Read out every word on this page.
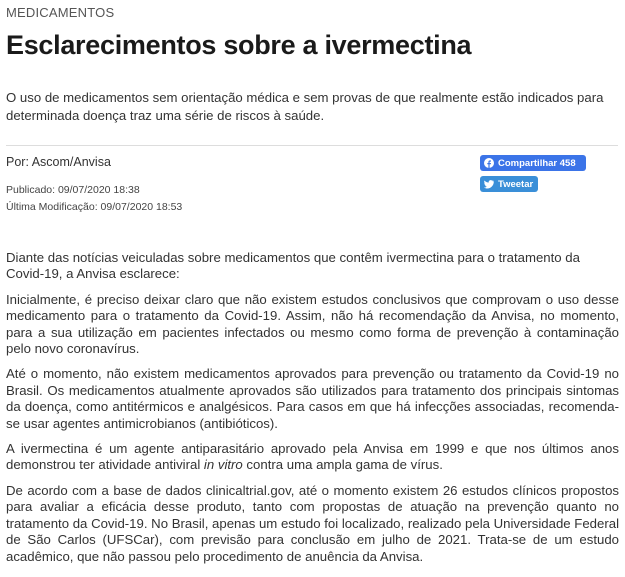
MEDICAMENTOS
Esclarecimentos sobre a ivermectina
O uso de medicamentos sem orientação médica e sem provas de que realmente estão indicados para determinada doença traz uma série de riscos à saúde.
Por: Ascom/Anvisa
Publicado: 09/07/2020 18:38
Última Modificação: 09/07/2020 18:53
Compartilhar 458
Tweetar

Diante das notícias veiculadas sobre medicamentos que contêm ivermectina para o tratamento da Covid-19, a Anvisa esclarece:

Inicialmente, é preciso deixar claro que não existem estudos conclusivos que comprovam o uso desse medicamento para o tratamento da Covid-19. Assim, não há recomendação da Anvisa, no momento, para a sua utilização em pacientes infectados ou mesmo como forma de prevenção à contaminação pelo novo coronavírus.

Até o momento, não existem medicamentos aprovados para prevenção ou tratamento da Covid-19 no Brasil. Os medicamentos atualmente aprovados são utilizados para tratamento dos principais sintomas da doença, como antitérmicos e analgésicos. Para casos em que há infecções associadas, recomenda-se usar agentes antimicrobianos (antibióticos).

A ivermectina é um agente antiparasitário aprovado pela Anvisa em 1999 e que nos últimos anos demonstrou ter atividade antiviral in vitro contra uma ampla gama de vírus.

De acordo com a base de dados clinicaltrial.gov, até o momento existem 26 estudos clínicos propostos para avaliar a eficácia desse produto, tanto com propostas de atuação na prevenção quanto no tratamento da Covid-19. No Brasil, apenas um estudo foi localizado, realizado pela Universidade Federal de São Carlos (UFSCar), com previsão para conclusão em julho de 2021. Trata-se de um estudo acadêmico, que não passou pelo procedimento de anuência da Anvisa.
